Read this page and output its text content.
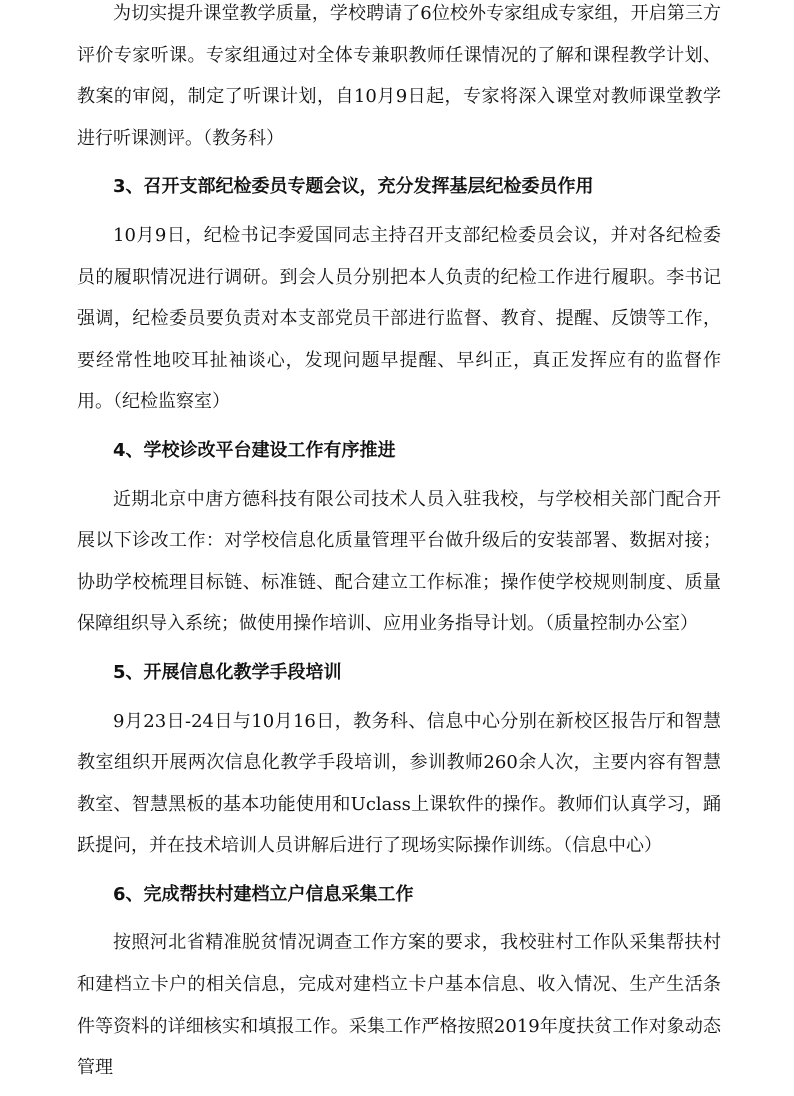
为切实提升课堂教学质量，学校聘请了6位校外专家组成专家组，开启第三方评价专家听课。专家组通过对全体专兼职教师任课情况的了解和课程教学计划、教案的审阅，制定了听课计划，自10月9日起，专家将深入课堂对教师课堂教学进行听课测评。（教务科）

3、召开支部纪检委员专题会议，充分发挥基层纪检委员作用

10月9日，纪检书记李爱国同志主持召开支部纪检委员会议，并对各纪检委员的履职情况进行调研。到会人员分别把本人负责的纪检工作进行履职。李书记强调，纪检委员要负责对本支部党员干部进行监督、教育、提醒、反馈等工作，要经常性地咬耳扯袖谈心，发现问题早提醒、早纠正，真正发挥应有的监督作用。（纪检监察室）

4、学校诊改平台建设工作有序推进

近期北京中唐方德科技有限公司技术人员入驻我校，与学校相关部门配合开展以下诊改工作：对学校信息化质量管理平台做升级后的安装部署、数据对接；协助学校梳理目标链、标准链、配合建立工作标准；操作使学校规则制度、质量保障组织导入系统；做使用操作培训、应用业务指导计划。（质量控制办公室）

5、开展信息化教学手段培训

9月23日-24日与10月16日，教务科、信息中心分别在新校区报告厅和智慧教室组织开展两次信息化教学手段培训，参训教师260余人次，主要内容有智慧教室、智慧黑板的基本功能使用和Uclass上课软件的操作。教师们认真学习，踊跃提问，并在技术培训人员讲解后进行了现场实际操作训练。（信息中心）

6、完成帮扶村建档立户信息采集工作

按照河北省精准脱贫情况调查工作方案的要求，我校驻村工作队采集帮扶村和建档立卡户的相关信息，完成对建档立卡户基本信息、收入情况、生产生活条件等资料的详细核实和填报工作。采集工作严格按照2019年度扶贫工作对象动态管理
